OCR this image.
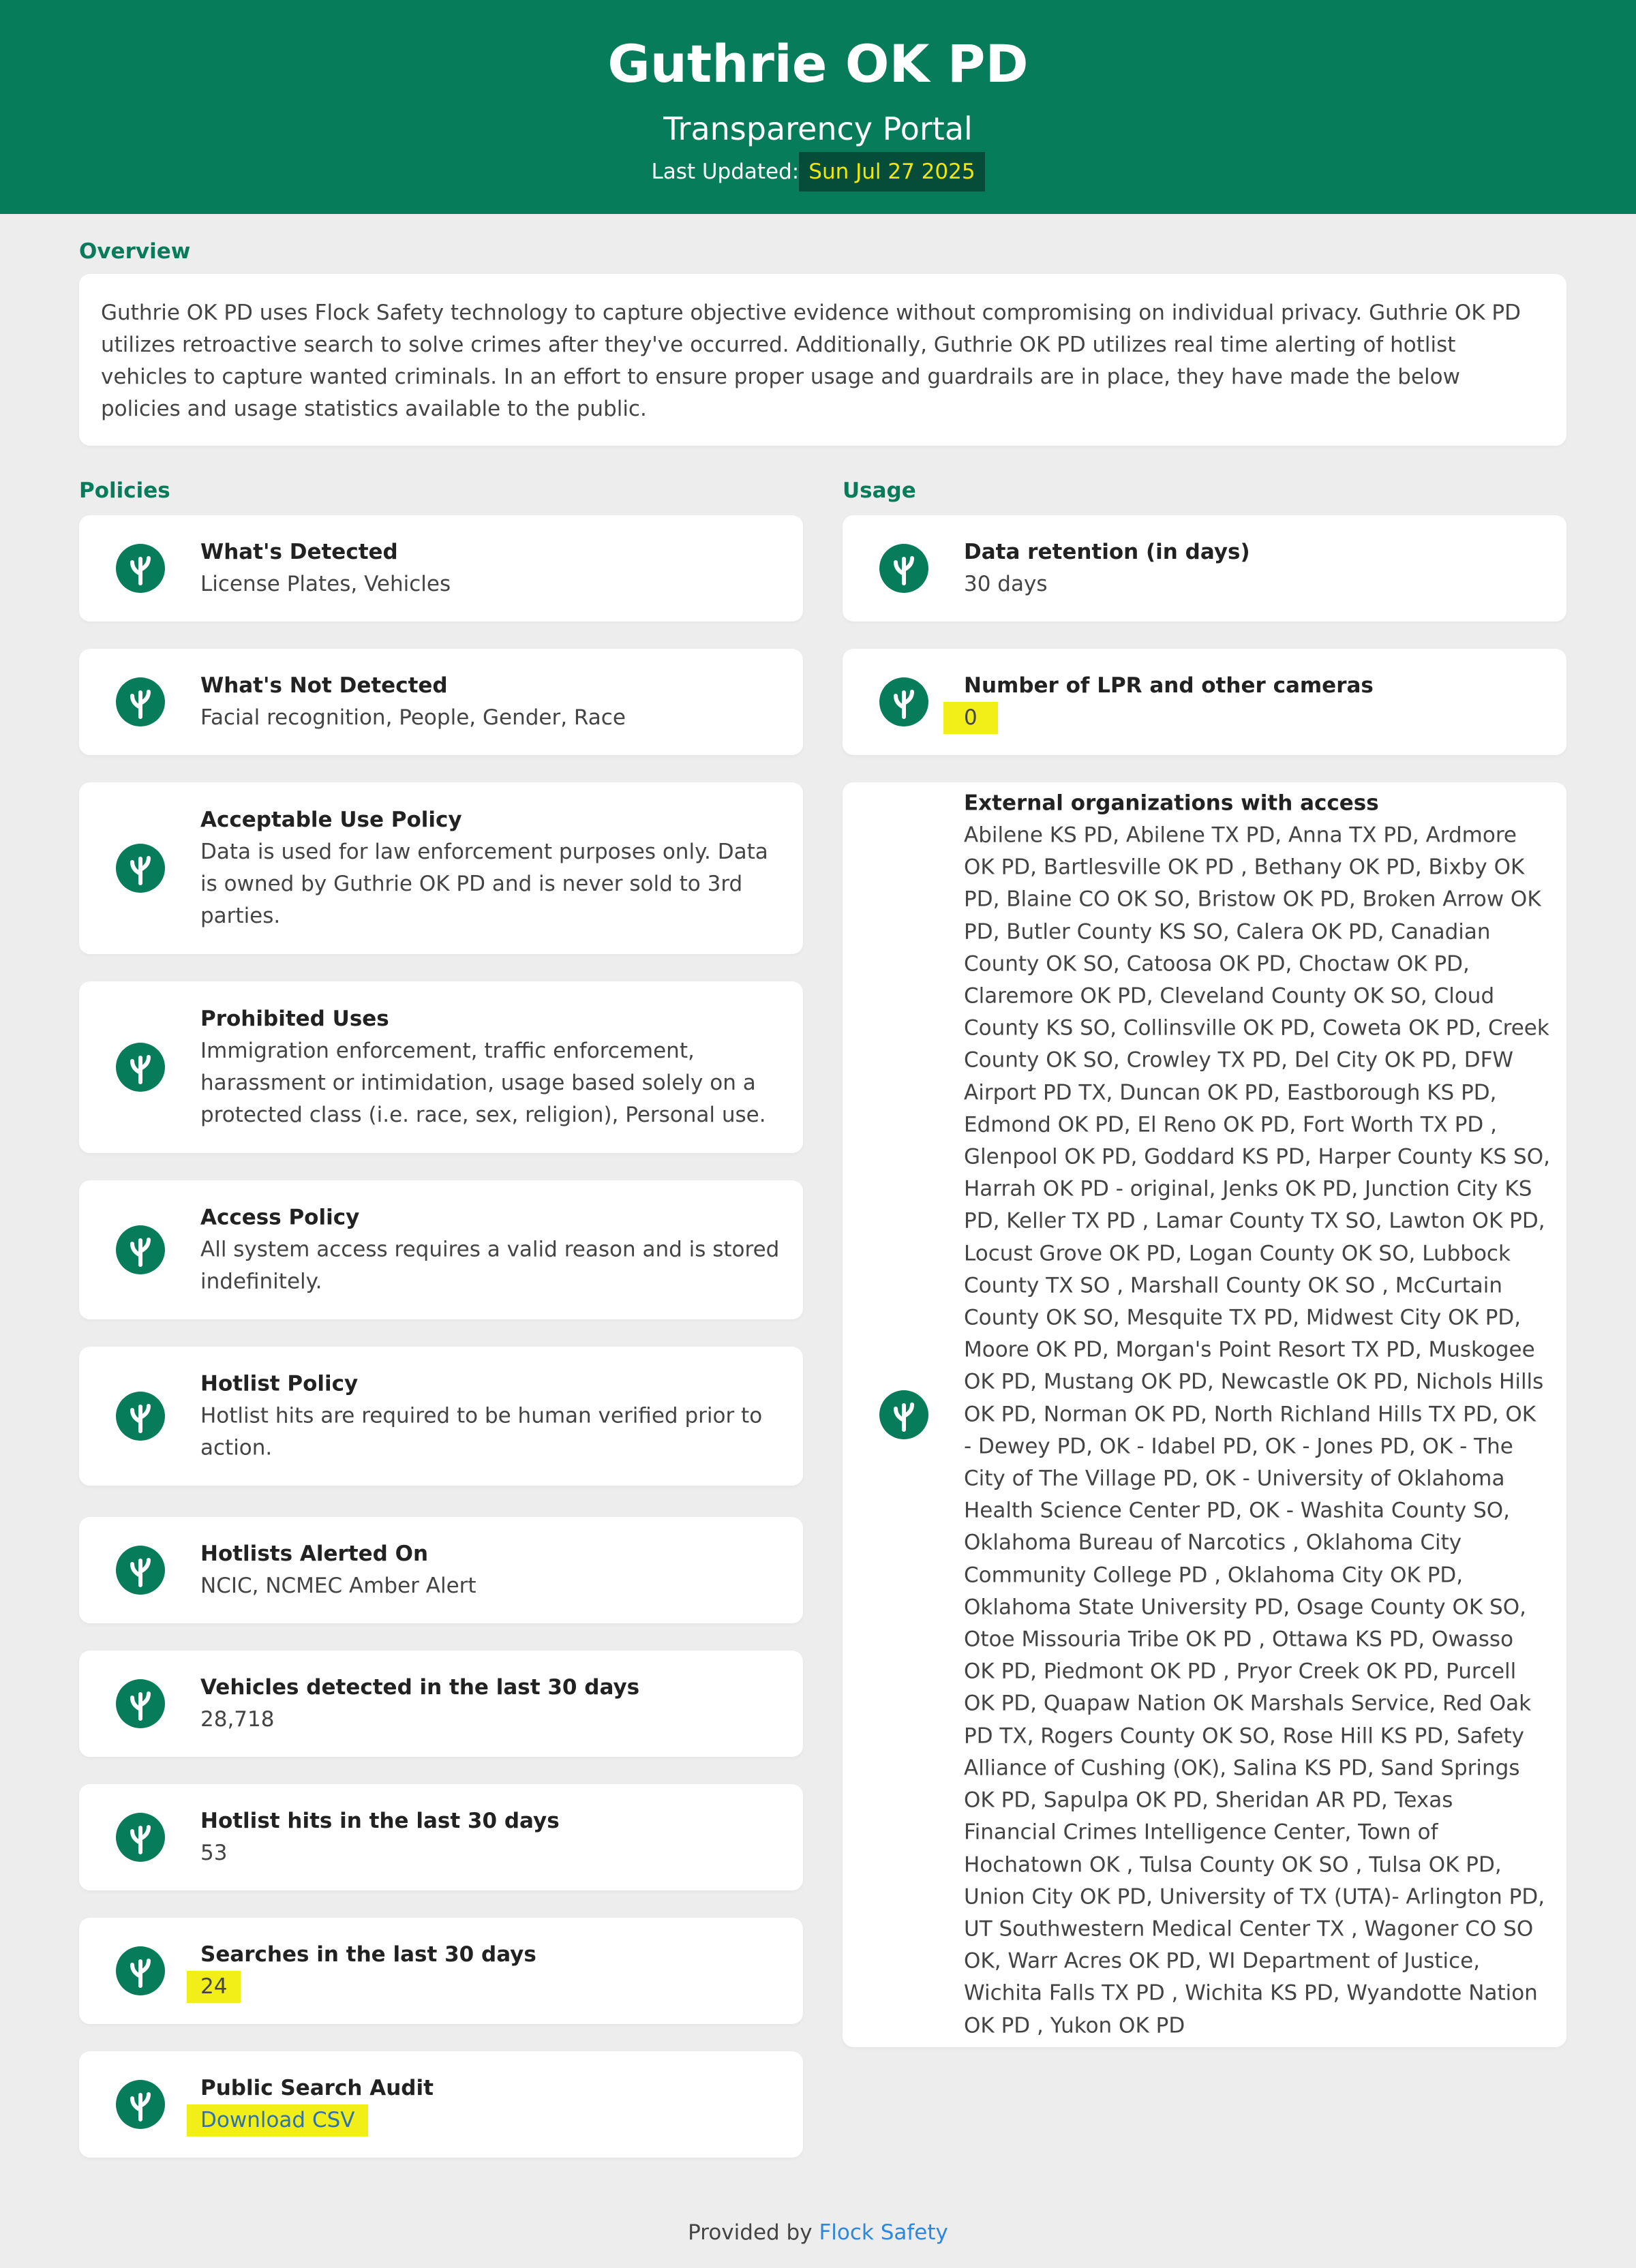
Guthrie OK PD
Transparency Portal
Last Updated: Sun Jul 27 2025
Overview
Guthrie OK PD uses Flock Safety technology to capture objective evidence without compromising on individual privacy. Guthrie OK PD utilizes retroactive search to solve crimes after they've occurred. Additionally, Guthrie OK PD utilizes real time alerting of hotlist vehicles to capture wanted criminals. In an effort to ensure proper usage and guardrails are in place, they have made the below policies and usage statistics available to the public.
Policies
What's Detected
License Plates, Vehicles
What's Not Detected
Facial recognition, People, Gender, Race
Acceptable Use Policy
Data is used for law enforcement purposes only. Data is owned by Guthrie OK PD and is never sold to 3rd parties.
Prohibited Uses
Immigration enforcement, traffic enforcement, harassment or intimidation, usage based solely on a protected class (i.e. race, sex, religion), Personal use.
Access Policy
All system access requires a valid reason and is stored indefinitely.
Hotlist Policy
Hotlist hits are required to be human verified prior to action.
Hotlists Alerted On
NCIC, NCMEC Amber Alert
Vehicles detected in the last 30 days
28,718
Hotlist hits in the last 30 days
53
Searches in the last 30 days
24
Public Search Audit
Download CSV
Usage
Data retention (in days)
30 days
Number of LPR and other cameras
0
External organizations with access
Abilene KS PD, Abilene TX PD, Anna TX PD, Ardmore OK PD, Bartlesville OK PD , Bethany OK PD, Bixby OK PD, Blaine CO OK SO, Bristow OK PD, Broken Arrow OK PD, Butler County KS SO, Calera OK PD, Canadian County OK SO, Catoosa OK PD, Choctaw OK PD, Claremore OK PD, Cleveland County OK SO, Cloud County KS SO, Collinsville OK PD, Coweta OK PD, Creek County OK SO, Crowley TX PD, Del City OK PD, DFW Airport PD TX, Duncan OK PD, Eastborough KS PD, Edmond OK PD, El Reno OK PD, Fort Worth TX PD , Glenpool OK PD, Goddard KS PD, Harper County KS SO, Harrah OK PD - original, Jenks OK PD, Junction City KS PD, Keller TX PD , Lamar County TX SO, Lawton OK PD, Locust Grove OK PD, Logan County OK SO, Lubbock County TX SO , Marshall County OK SO , McCurtain County OK SO, Mesquite TX PD, Midwest City OK PD, Moore OK PD, Morgan's Point Resort TX PD, Muskogee OK PD, Mustang OK PD, Newcastle OK PD, Nichols Hills OK PD, Norman OK PD, North Richland Hills TX PD, OK - Dewey PD, OK - Idabel PD, OK - Jones PD, OK - The City of The Village PD, OK - University of Oklahoma Health Science Center PD, OK - Washita County SO, Oklahoma Bureau of Narcotics , Oklahoma City Community College PD , Oklahoma City OK PD, Oklahoma State University PD, Osage County OK SO, Otoe Missouria Tribe OK PD , Ottawa KS PD, Owasso OK PD, Piedmont OK PD , Pryor Creek OK PD, Purcell OK PD, Quapaw Nation OK Marshals Service, Red Oak PD TX, Rogers County OK SO, Rose Hill KS PD, Safety Alliance of Cushing (OK), Salina KS PD, Sand Springs OK PD, Sapulpa OK PD, Sheridan AR PD, Texas Financial Crimes Intelligence Center, Town of Hochatown OK , Tulsa County OK SO , Tulsa OK PD, Union City OK PD, University of TX (UTA)- Arlington PD, UT Southwestern Medical Center TX , Wagoner CO SO OK, Warr Acres OK PD, WI Department of Justice, Wichita Falls TX PD , Wichita KS PD, Wyandotte Nation OK PD , Yukon OK PD
Provided by Flock Safety
